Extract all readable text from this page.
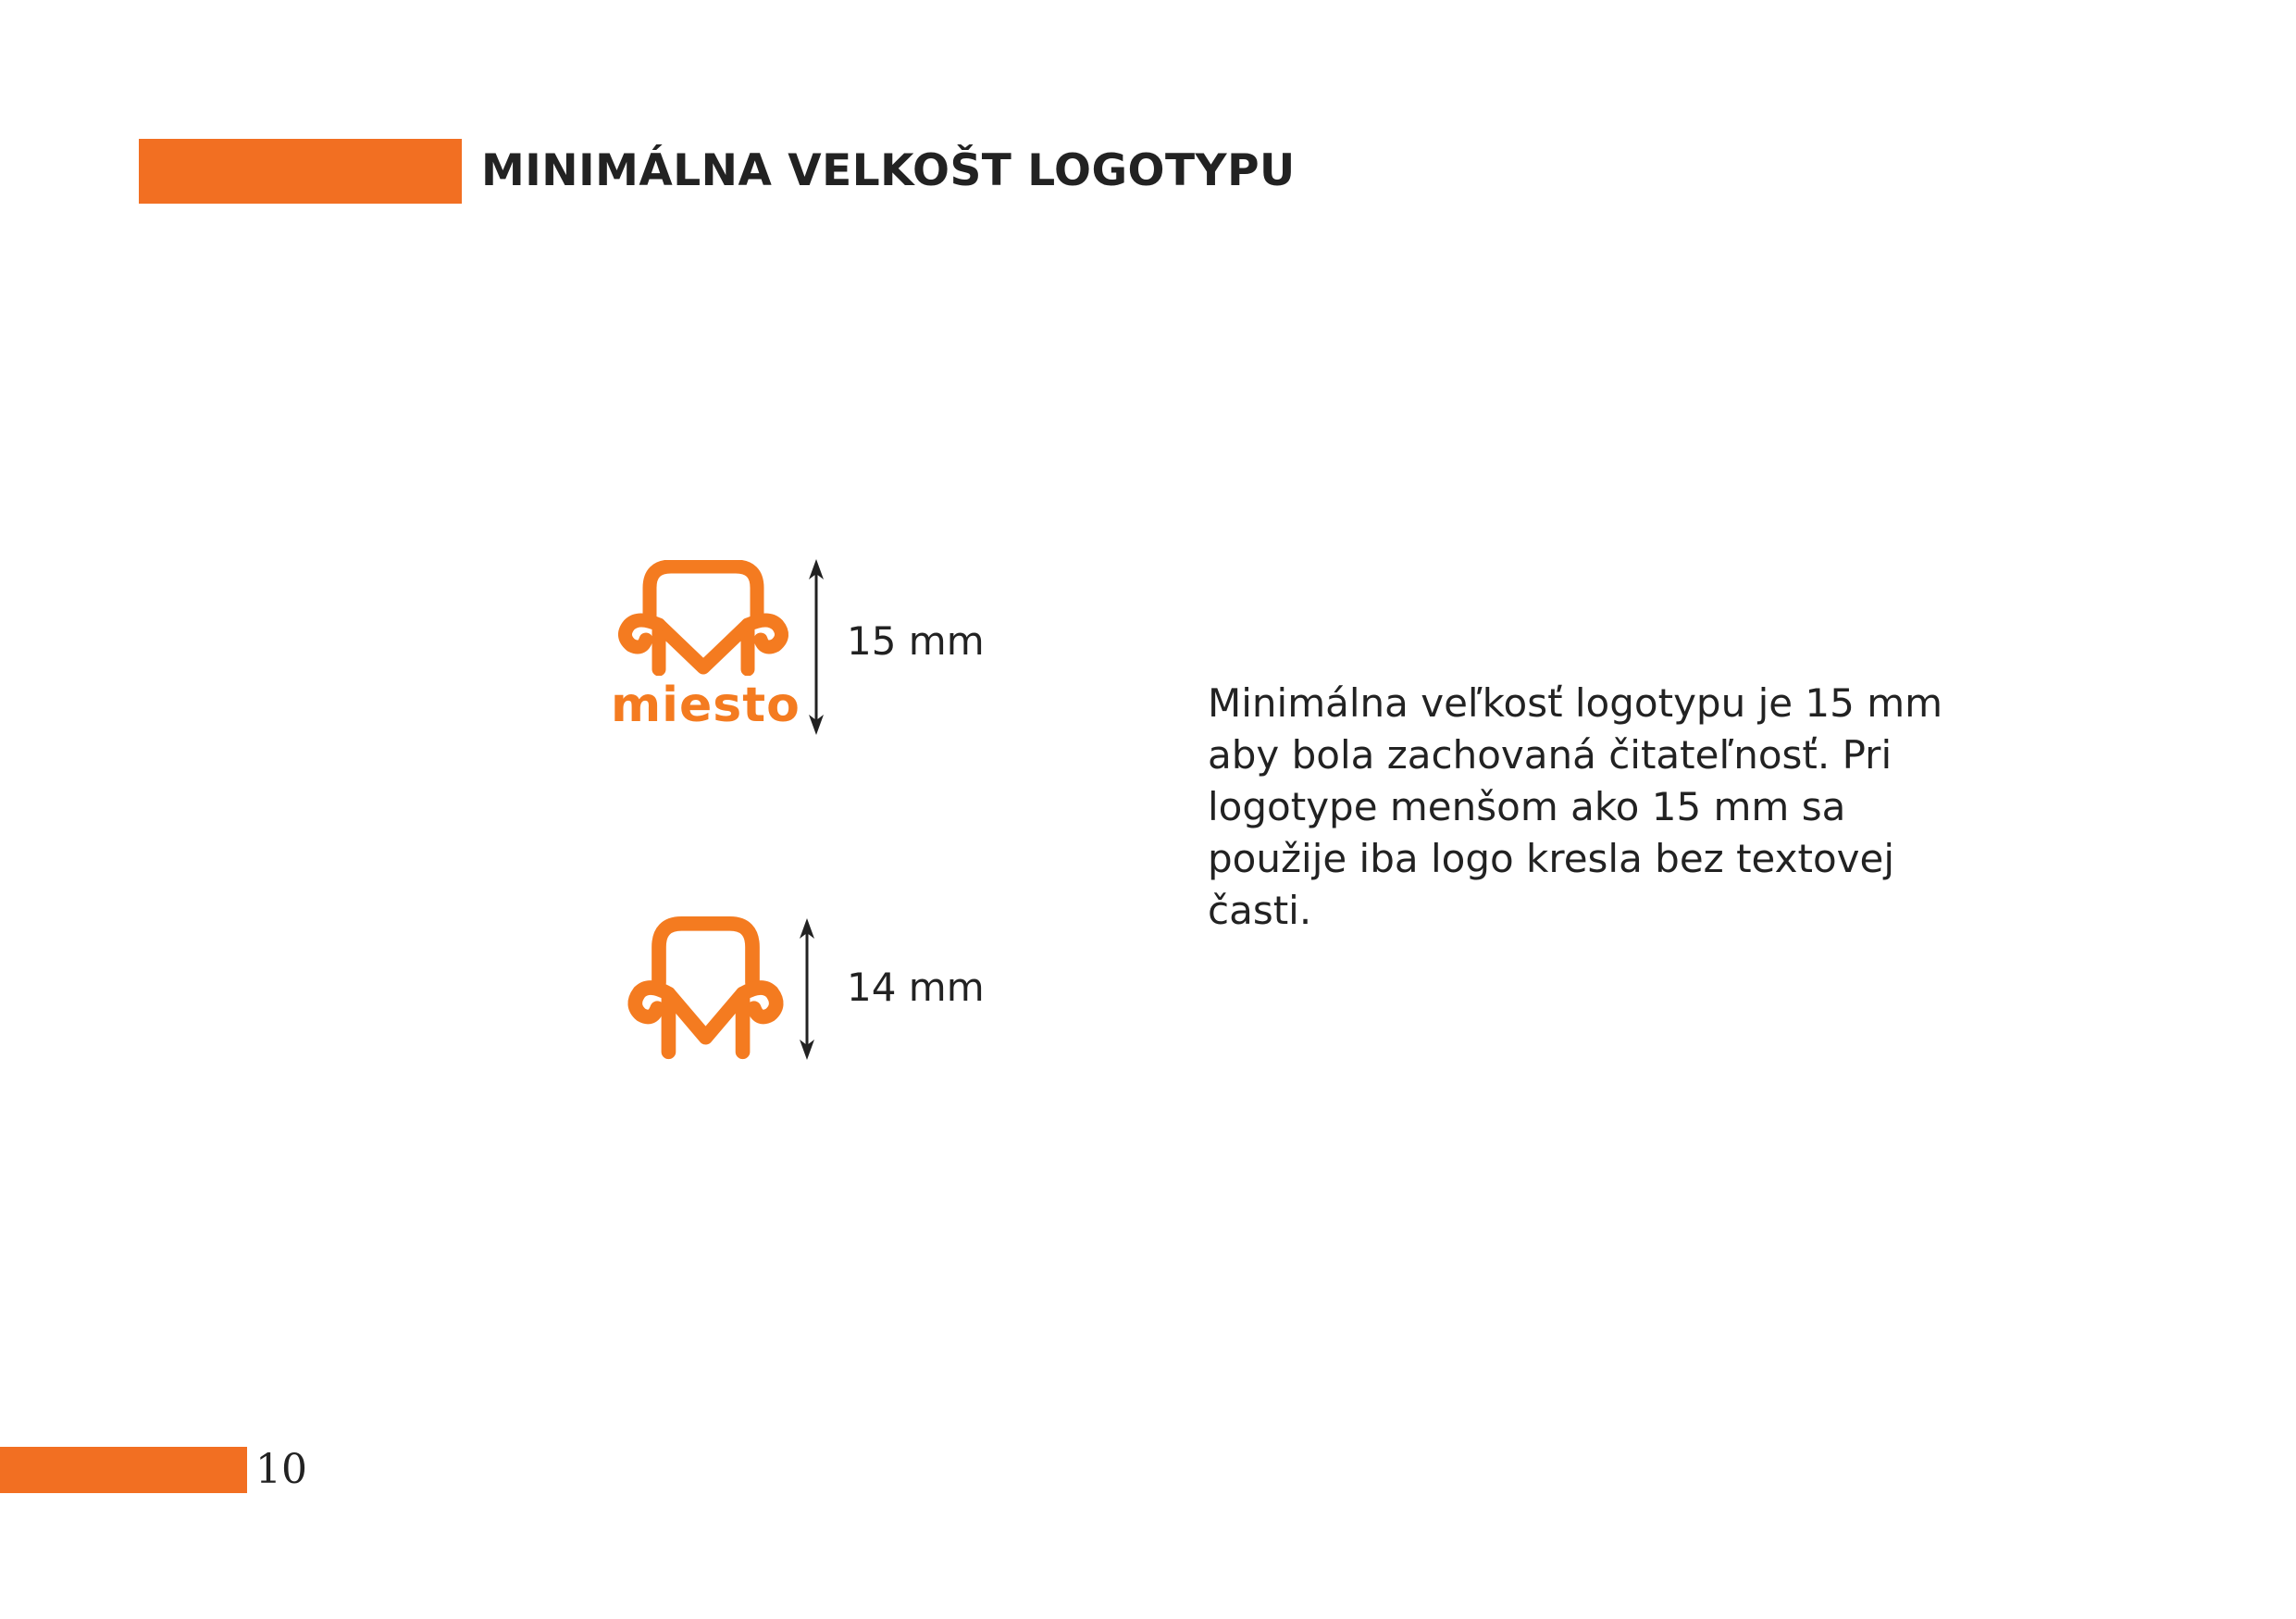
MINIMÁLNA VELKOŠT LOGOTYPU
miesto
15 mm
14 mm

Minimálna veľkosť logotypu je 15 mm aby bola zachovaná čitateľnosť. Pri logotype menšom ako 15 mm sa použije iba logo kresla bez textovej časti.

10
